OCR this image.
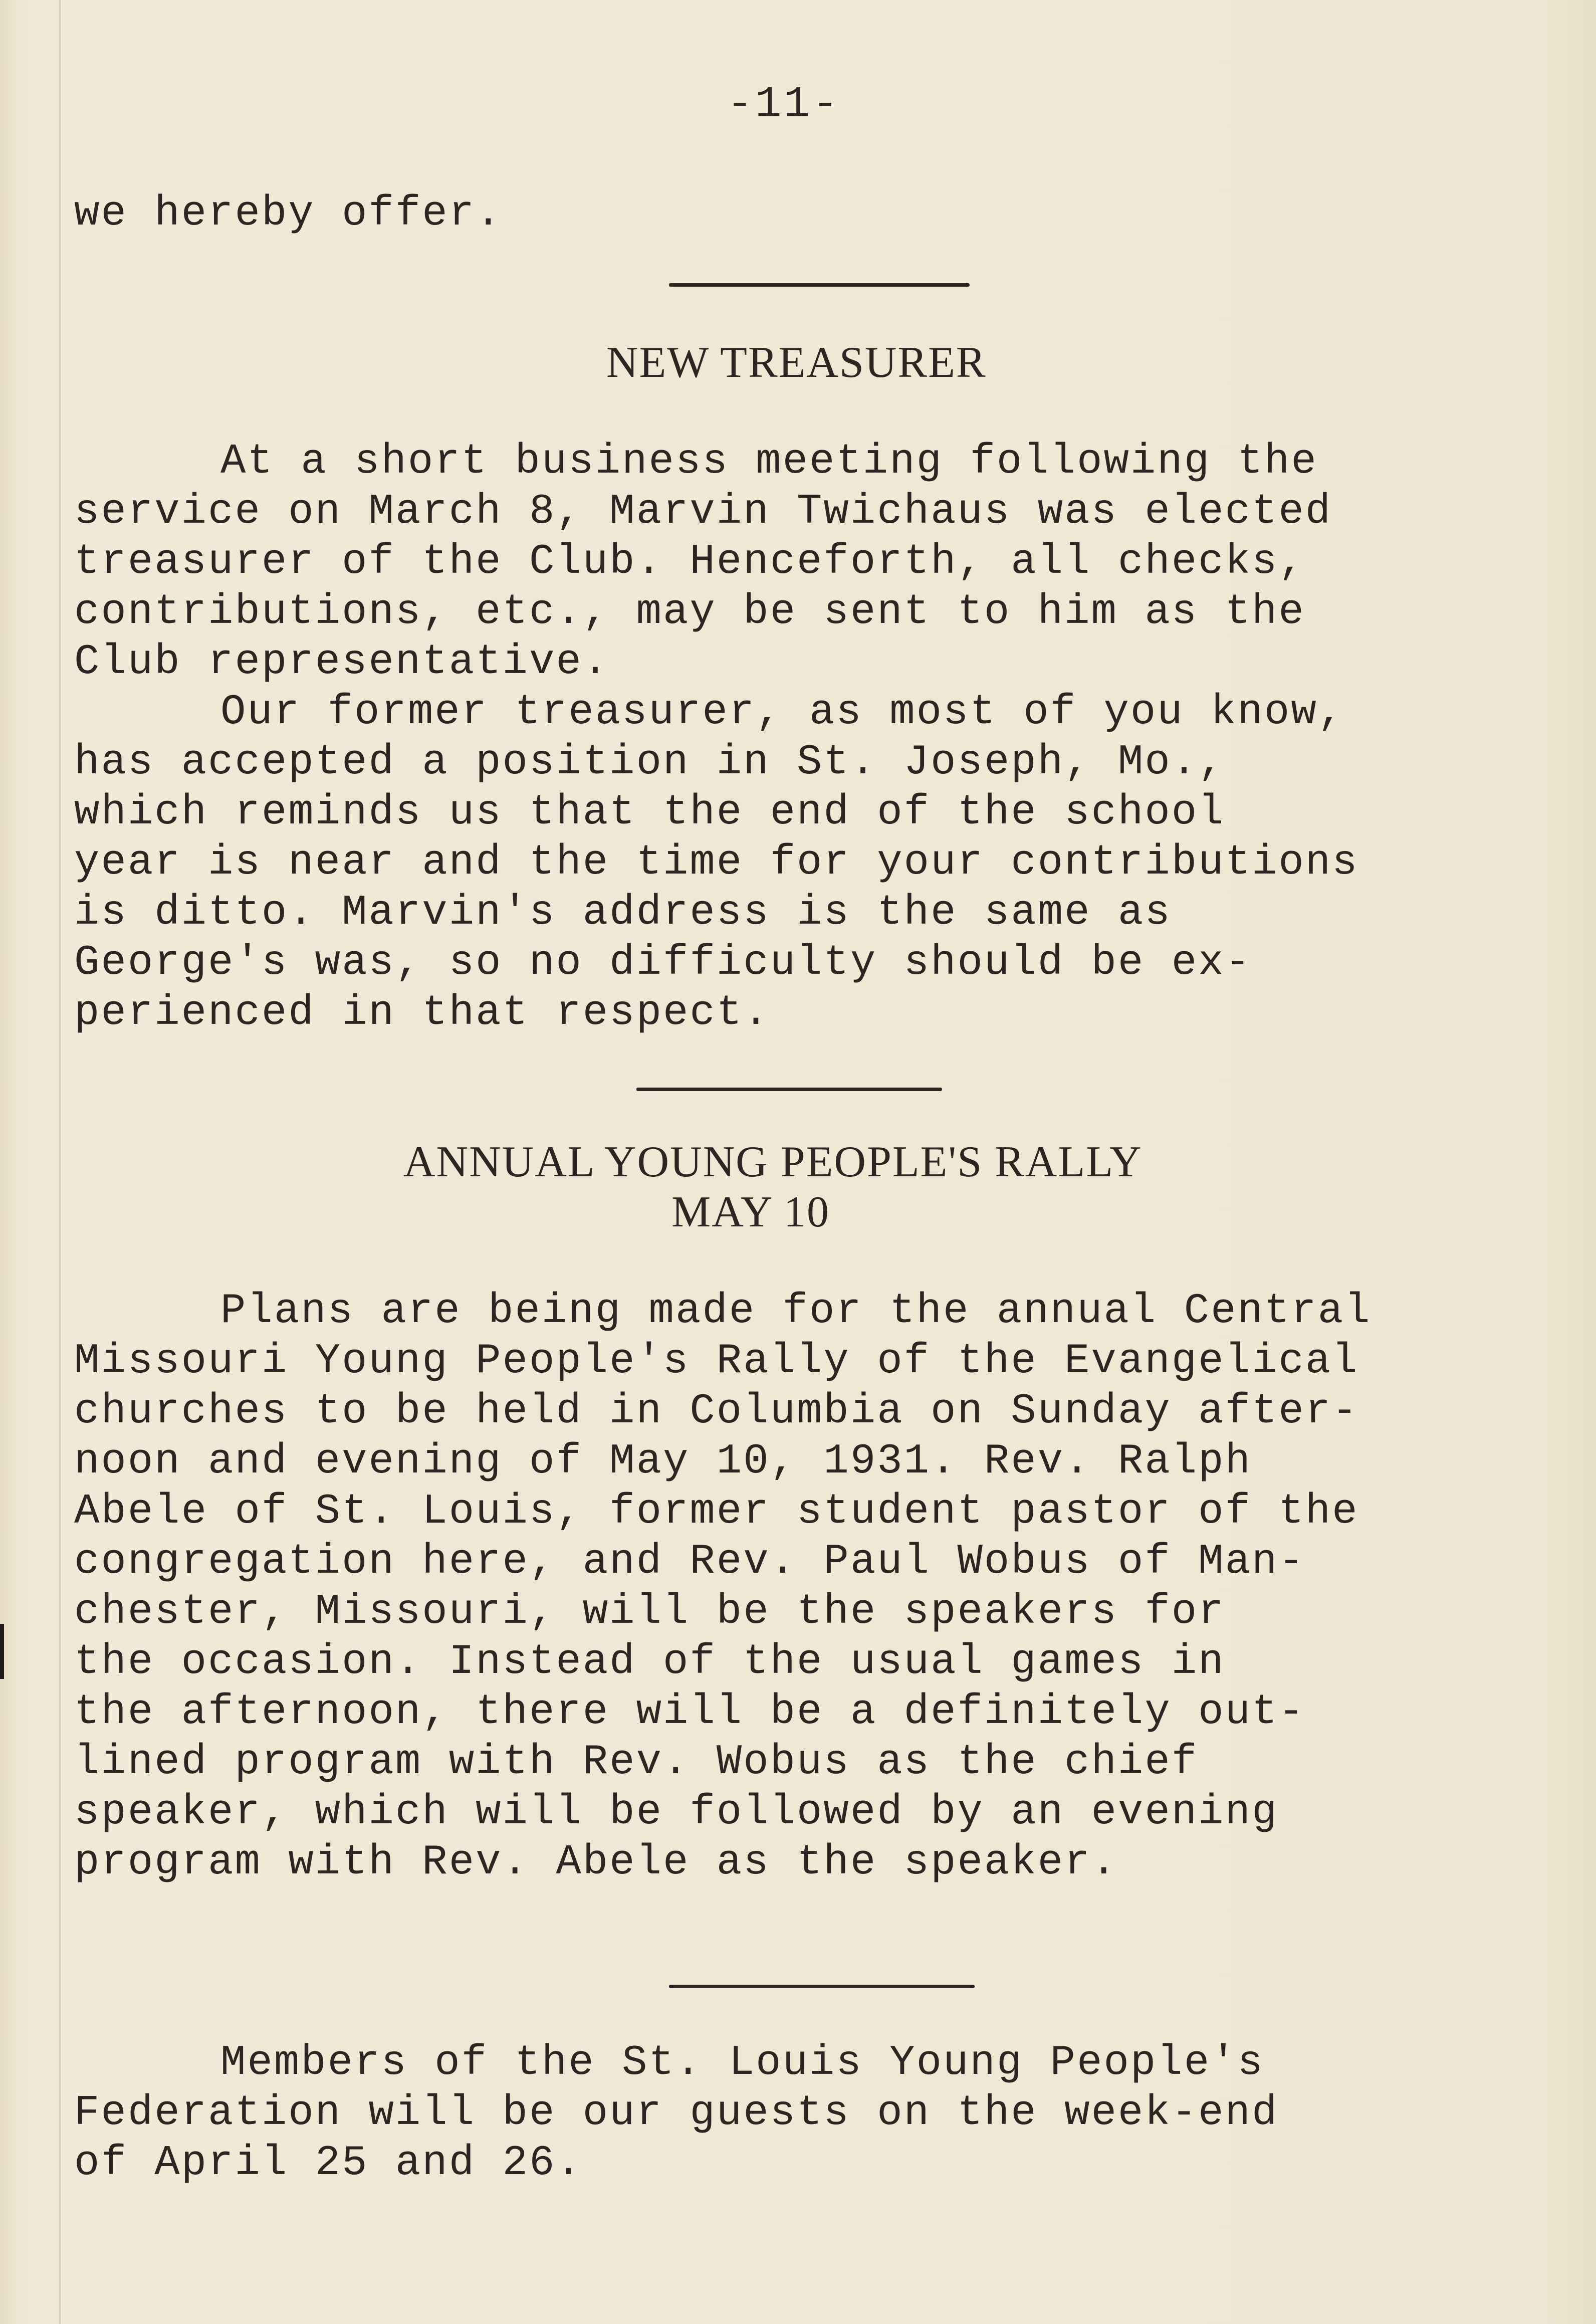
-11-
we hereby offer.
NEW TREASURER
At a short business meeting following the
service on March 8, Marvin Twichaus was elected
treasurer of the Club. Henceforth, all checks,
contributions, etc., may be sent to him as the
Club representative.
Our former treasurer, as most of you know,
has accepted a position in St. Joseph, Mo.,
which reminds us that the end of the school
year is near and the time for your contributions
is ditto. Marvin's address is the same as
George's was, so no difficulty should be ex-
perienced in that respect.
ANNUAL YOUNG PEOPLE'S RALLY
MAY 10
Plans are being made for the annual Central
Missouri Young People's Rally of the Evangelical
churches to be held in Columbia on Sunday after-
noon and evening of May 10, 1931. Rev. Ralph
Abele of St. Louis, former student pastor of the
congregation here, and Rev. Paul Wobus of Man-
chester, Missouri, will be the speakers for
the occasion. Instead of the usual games in
the afternoon, there will be a definitely out-
lined program with Rev. Wobus as the chief
speaker, which will be followed by an evening
program with Rev. Abele as the speaker.
Members of the St. Louis Young People's
Federation will be our guests on the week-end
of April 25 and 26.
